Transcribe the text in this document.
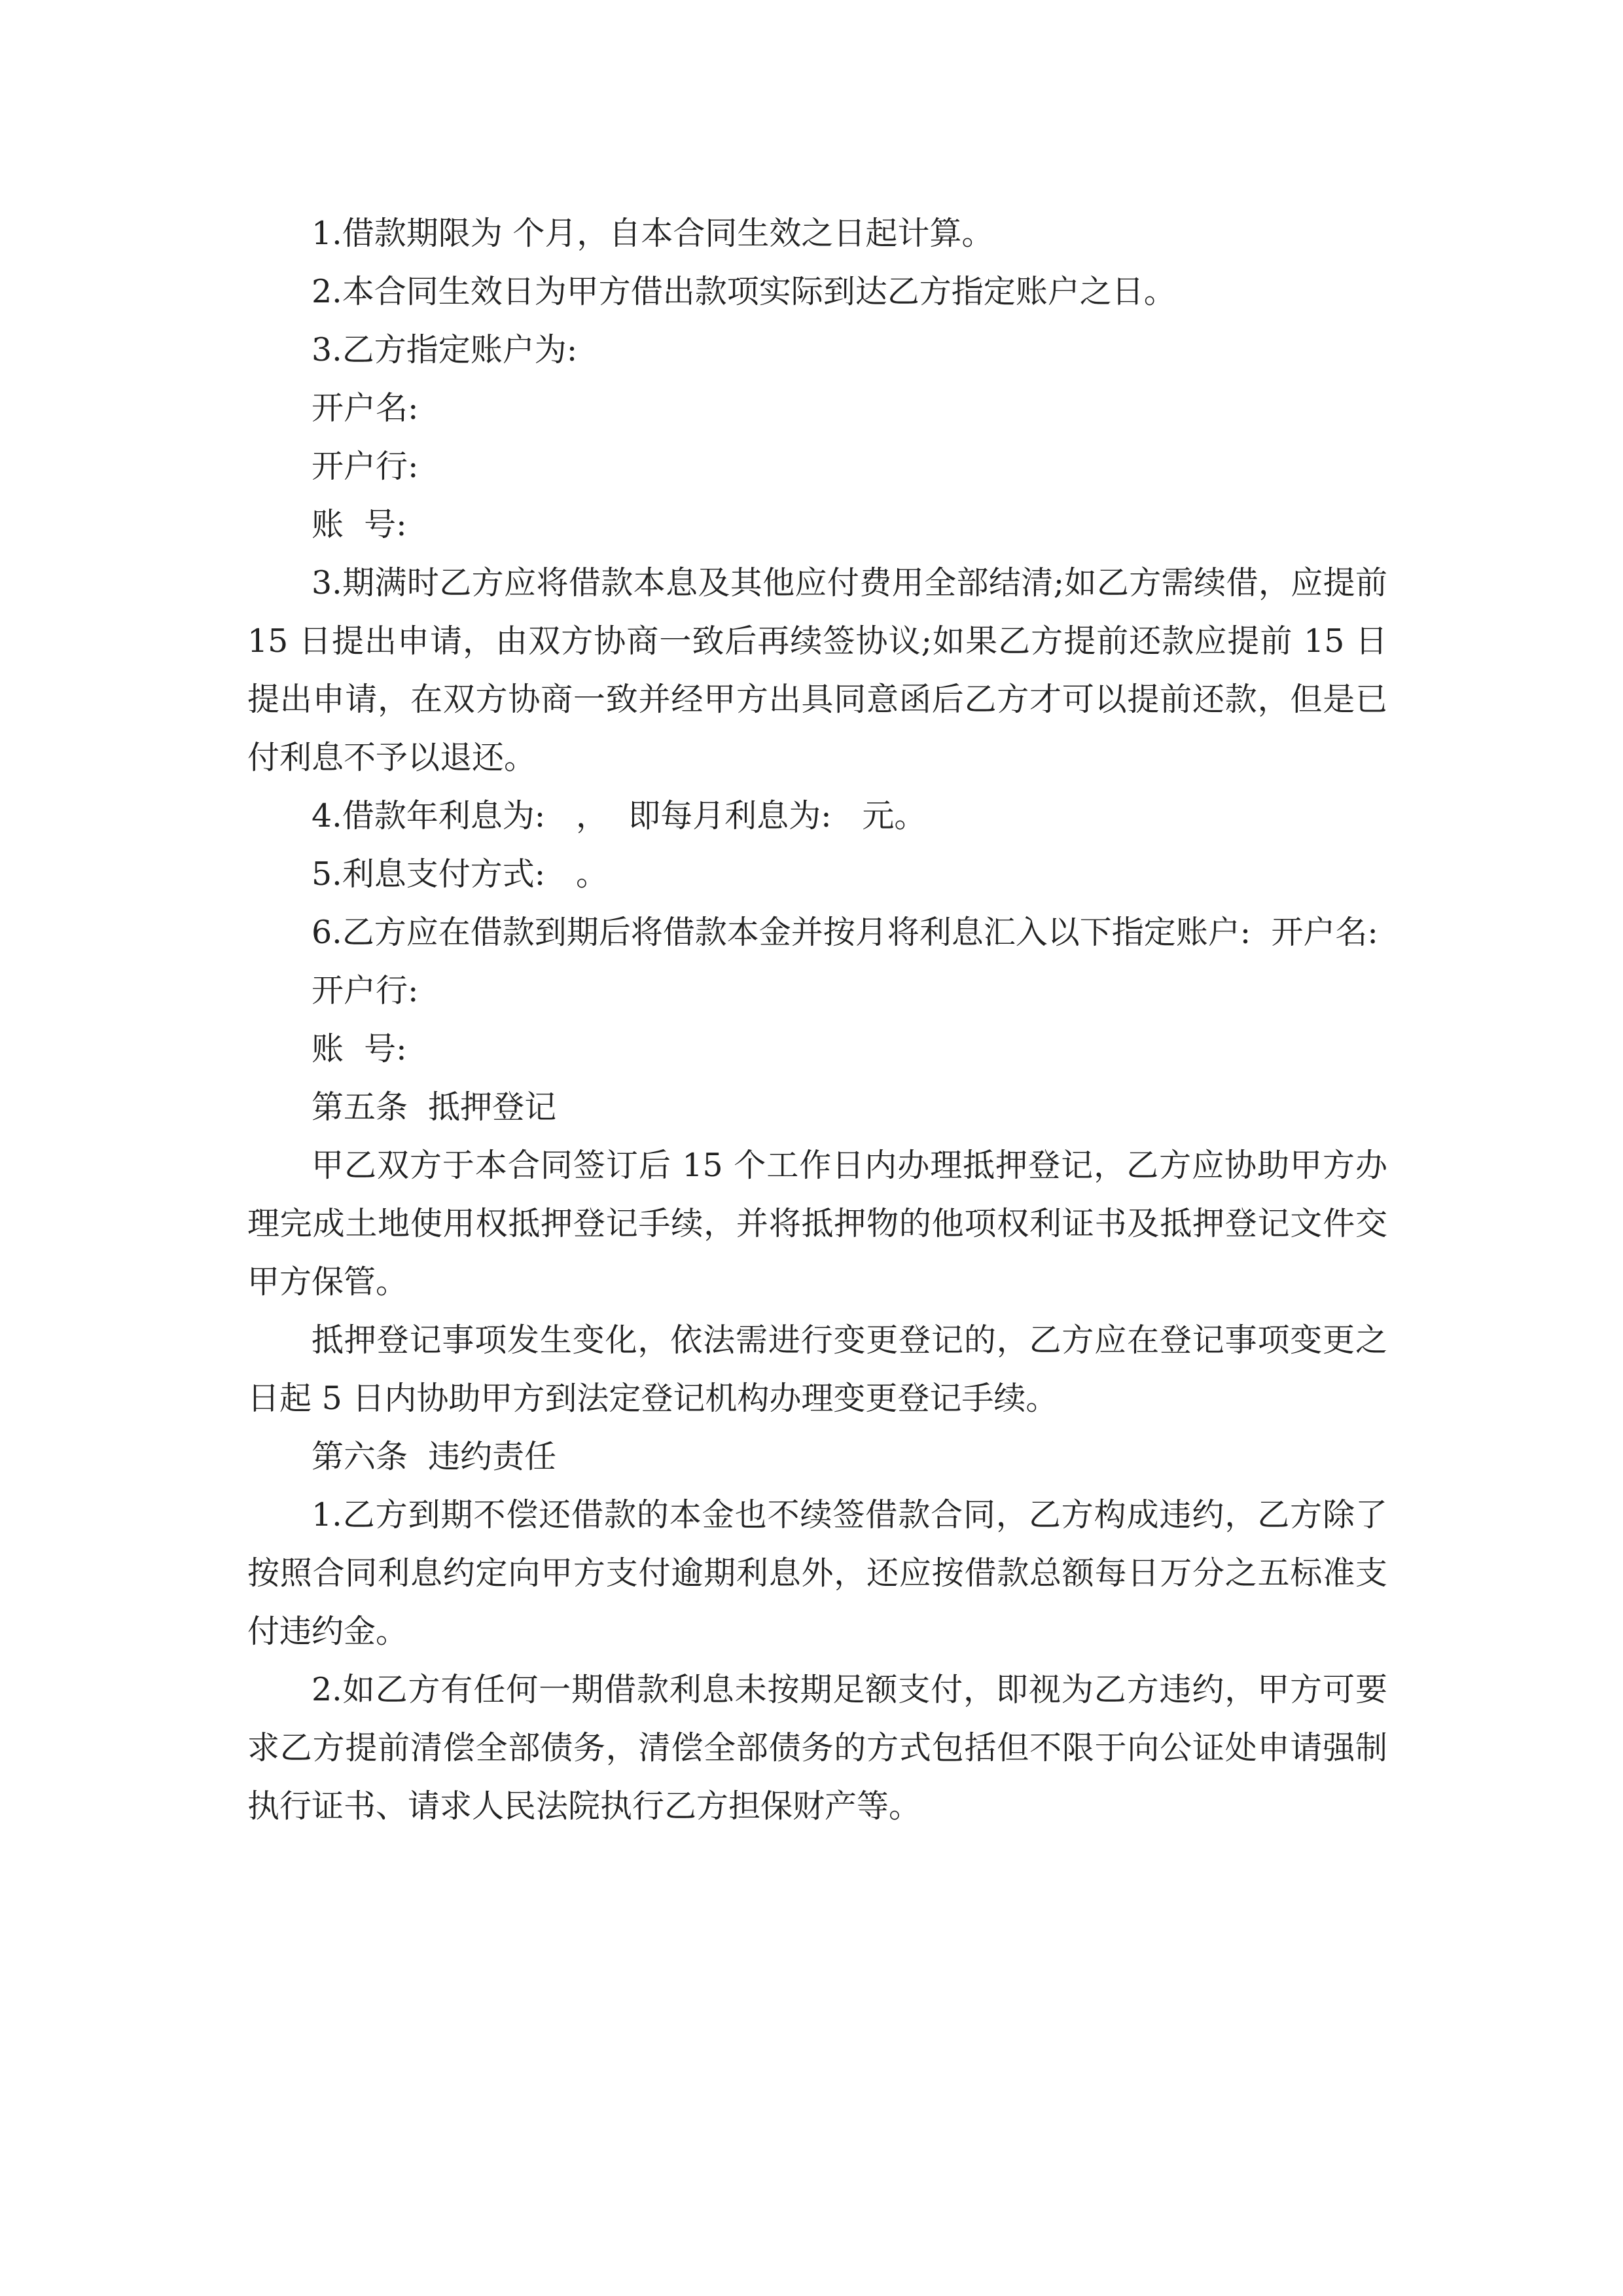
1.借款期限为 个月，自本合同生效之日起计算。

2.本合同生效日为甲方借出款项实际到达乙方指定账户之日。

3.乙方指定账户为:

开户名:

开户行:

账  号:

3.期满时乙方应将借款本息及其他应付费用全部结清;如乙方需续借，应提前 15 日提出申请，由双方协商一致后再续签协议;如果乙方提前还款应提前 15 日提出申请，在双方协商一致并经甲方出具同意函后乙方才可以提前还款，但是已付利息不予以退还。

4.借款年利息为:   ，  即每月利息为:   元。

5.利息支付方式:   。

6.乙方应在借款到期后将借款本金并按月将利息汇入以下指定账户:  开户名:

开户行:

账  号:

第五条  抵押登记

甲乙双方于本合同签订后 15 个工作日内办理抵押登记，乙方应协助甲方办理完成土地使用权抵押登记手续，并将抵押物的他项权利证书及抵押登记文件交甲方保管。

抵押登记事项发生变化，依法需进行变更登记的，乙方应在登记事项变更之日起 5 日内协助甲方到法定登记机构办理变更登记手续。

第六条  违约责任

1.乙方到期不偿还借款的本金也不续签借款合同，乙方构成违约，乙方除了按照合同利息约定向甲方支付逾期利息外，还应按借款总额每日万分之五标准支付违约金。

2.如乙方有任何一期借款利息未按期足额支付，即视为乙方违约，甲方可要求乙方提前清偿全部债务，清偿全部债务的方式包括但不限于向公证处申请强制执行证书、请求人民法院执行乙方担保财产等。
